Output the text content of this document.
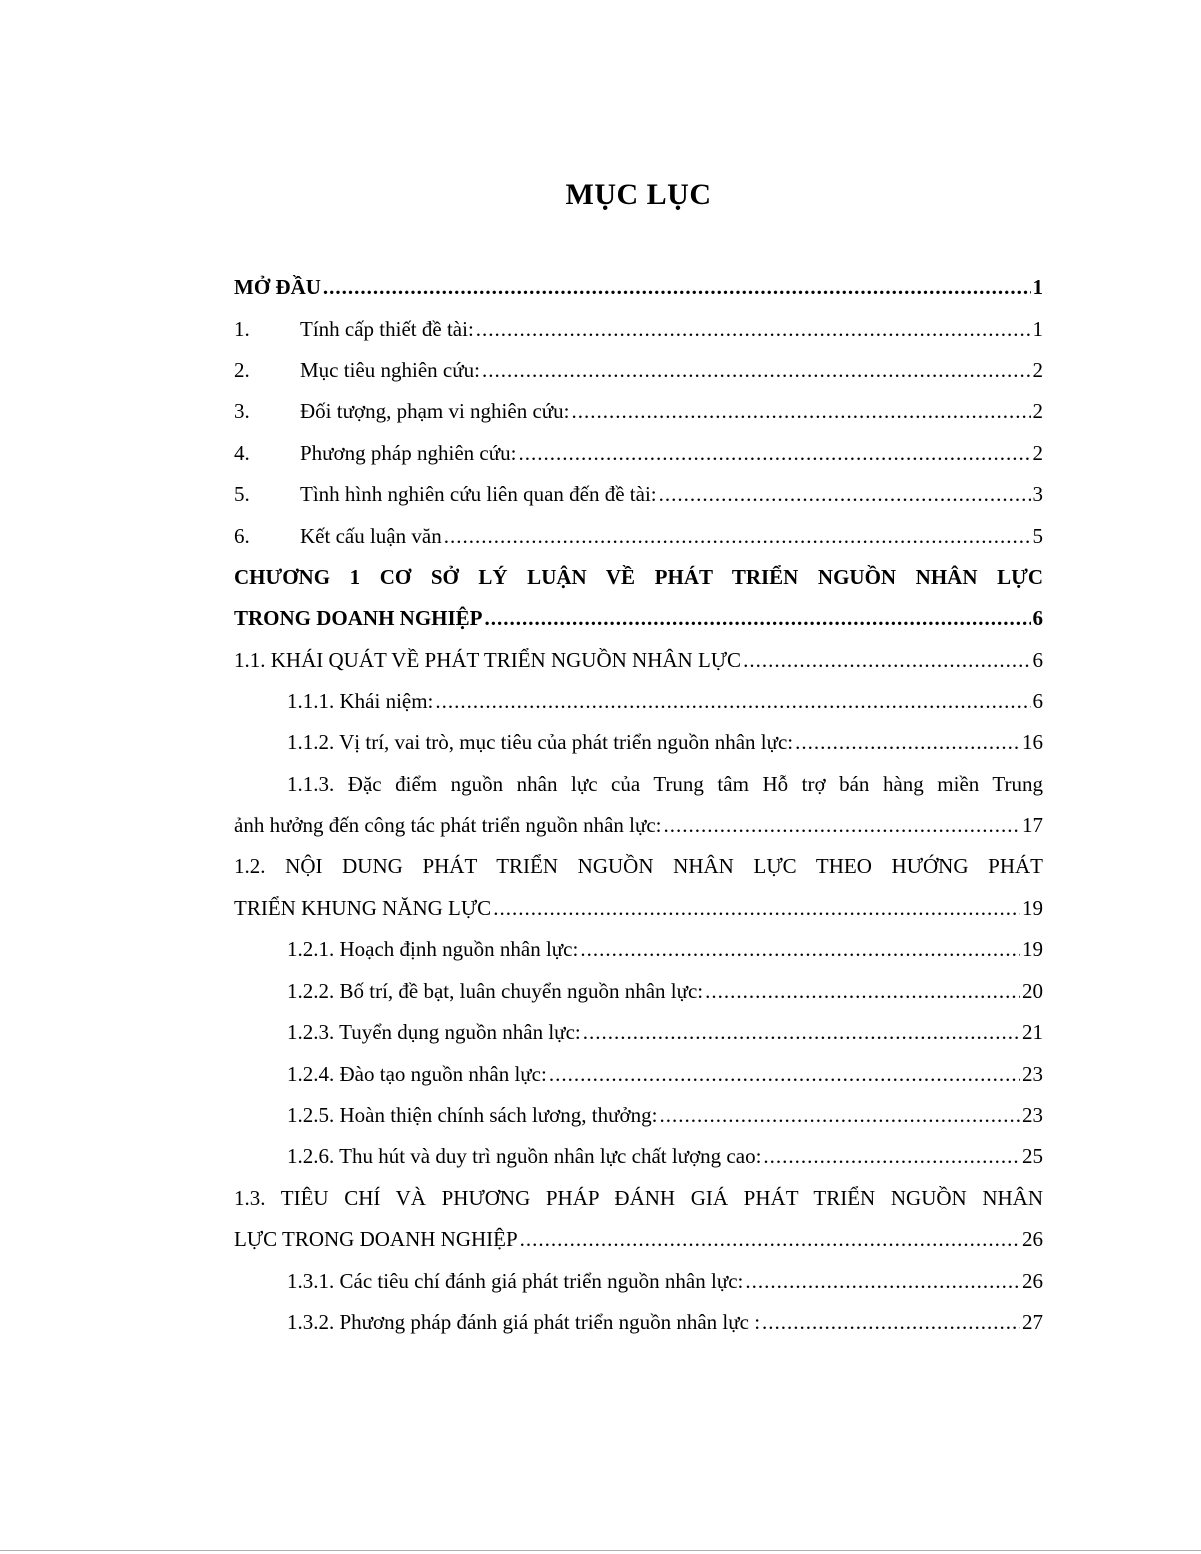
MỤC LỤC
MỞ ĐẦU .....	1
1.	Tính cấp thiết đề tài: .....	1
2.	Mục tiêu nghiên cứu: .....	2
3.	Đối tượng, phạm vi nghiên cứu: .....	2
4.	Phương pháp nghiên cứu: .....	2
5.	Tình hình nghiên cứu liên quan đến đề tài: .....	3
6.	Kết cấu luận văn .....	5
CHƯƠNG 1 CƠ SỞ LÝ LUẬN VỀ PHÁT TRIỂN NGUỒN NHÂN LỰC
TRONG DOANH NGHIỆP .....	6
1.1. KHÁI QUÁT VỀ PHÁT TRIỂN NGUỒN NHÂN LỰC .....	6
1.1.1. Khái niệm: .....	6
1.1.2. Vị trí, vai trò, mục tiêu của phát triển nguồn nhân lực: .....	16
1.1.3. Đặc điểm nguồn nhân lực của Trung tâm Hỗ trợ bán hàng miền Trung
ảnh hưởng đến công tác phát triển nguồn nhân lực: .....	17
1.2. NỘI DUNG PHÁT TRIỂN NGUỒN NHÂN LỰC THEO HƯỚNG PHÁT
TRIỂN KHUNG NĂNG LỰC .....	19
1.2.1. Hoạch định nguồn nhân lực: .....	19
1.2.2. Bố trí, đề bạt, luân chuyển nguồn nhân lực: .....	20
1.2.3. Tuyển dụng nguồn nhân lực: .....	21
1.2.4. Đào tạo nguồn nhân lực: .....	23
1.2.5. Hoàn thiện chính sách lương, thưởng: .....	23
1.2.6. Thu hút và duy trì nguồn nhân lực chất lượng cao: .....	25
1.3. TIÊU CHÍ VÀ PHƯƠNG PHÁP ĐÁNH GIÁ PHÁT TRIỂN NGUỒN NHÂN
LỰC TRONG DOANH NGHIỆP .....	26
1.3.1. Các tiêu chí đánh giá phát triển nguồn nhân lực: .....	26
1.3.2. Phương pháp đánh giá phát triển nguồn nhân lực : .....	27
